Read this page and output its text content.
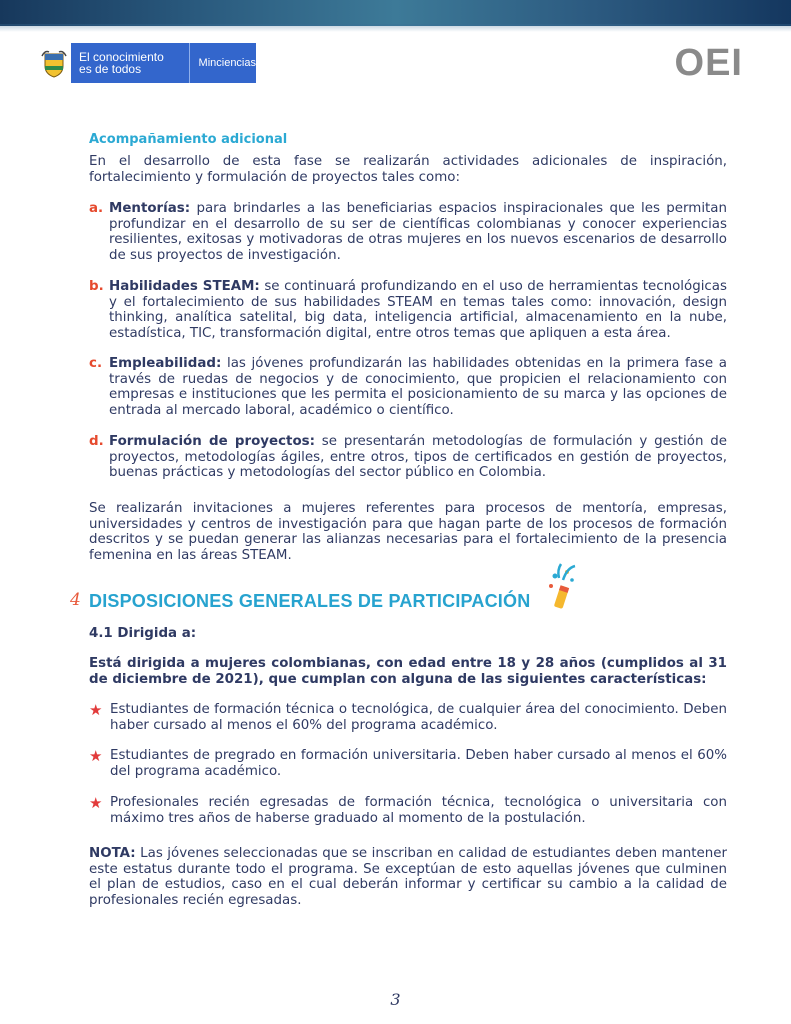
El conocimiento
es de todos	Minciencias	OEI
Acompañamiento adicional

En el desarrollo de esta fase se realizarán actividades adicionales de inspiración, fortalecimiento y formulación de proyectos tales como:

a. Mentorías: para brindarles a las beneficiarias espacios inspiracionales que les permitan profundizar en el desarrollo de su ser de científicas colombianas y conocer experiencias resilientes, exitosas y motivadoras de otras mujeres en los nuevos escenarios de desarrollo de sus proyectos de investigación.

b. Habilidades STEAM: se continuará profundizando en el uso de herramientas tecnológicas y el fortalecimiento de sus habilidades STEAM en temas tales como: innovación, design thinking, analítica satelital, big data, inteligencia artificial, almacenamiento en la nube, estadística, TIC, transformación digital, entre otros temas que apliquen a esta área.

c. Empleabilidad: las jóvenes profundizarán las habilidades obtenidas en la primera fase a través de ruedas de negocios y de conocimiento, que propicien el relacionamiento con empresas e instituciones que les permita el posicionamiento de su marca y las opciones de entrada al mercado laboral, académico o científico.

d. Formulación de proyectos: se presentarán metodologías de formulación y gestión de proyectos, metodologías ágiles, entre otros, tipos de certificados en gestión de proyectos, buenas prácticas y metodologías del sector público en Colombia.

Se realizarán invitaciones a mujeres referentes para procesos de mentoría, empresas, universidades y centros de investigación para que hagan parte de los procesos de formación descritos y se puedan generar las alianzas necesarias para el fortalecimiento de la presencia femenina en las áreas STEAM.

4 DISPOSICIONES GENERALES DE PARTICIPACIÓN

4.1 Dirigida a:

Está dirigida a mujeres colombianas, con edad entre 18 y 28 años (cumplidos al 31 de diciembre de 2021), que cumplan con alguna de las siguientes características:

★ Estudiantes de formación técnica o tecnológica, de cualquier área del conocimiento. Deben haber cursado al menos el 60% del programa académico.

★ Estudiantes de pregrado en formación universitaria. Deben haber cursado al menos el 60% del programa académico.

★ Profesionales recién egresadas de formación técnica, tecnológica o universitaria con máximo tres años de haberse graduado al momento de la postulación.

NOTA: Las jóvenes seleccionadas que se inscriban en calidad de estudiantes deben mantener este estatus durante todo el programa. Se exceptúan de esto aquellas jóvenes que culminen el plan de estudios, caso en el cual deberán informar y certificar su cambio a la calidad de profesionales recién egresadas.

3
